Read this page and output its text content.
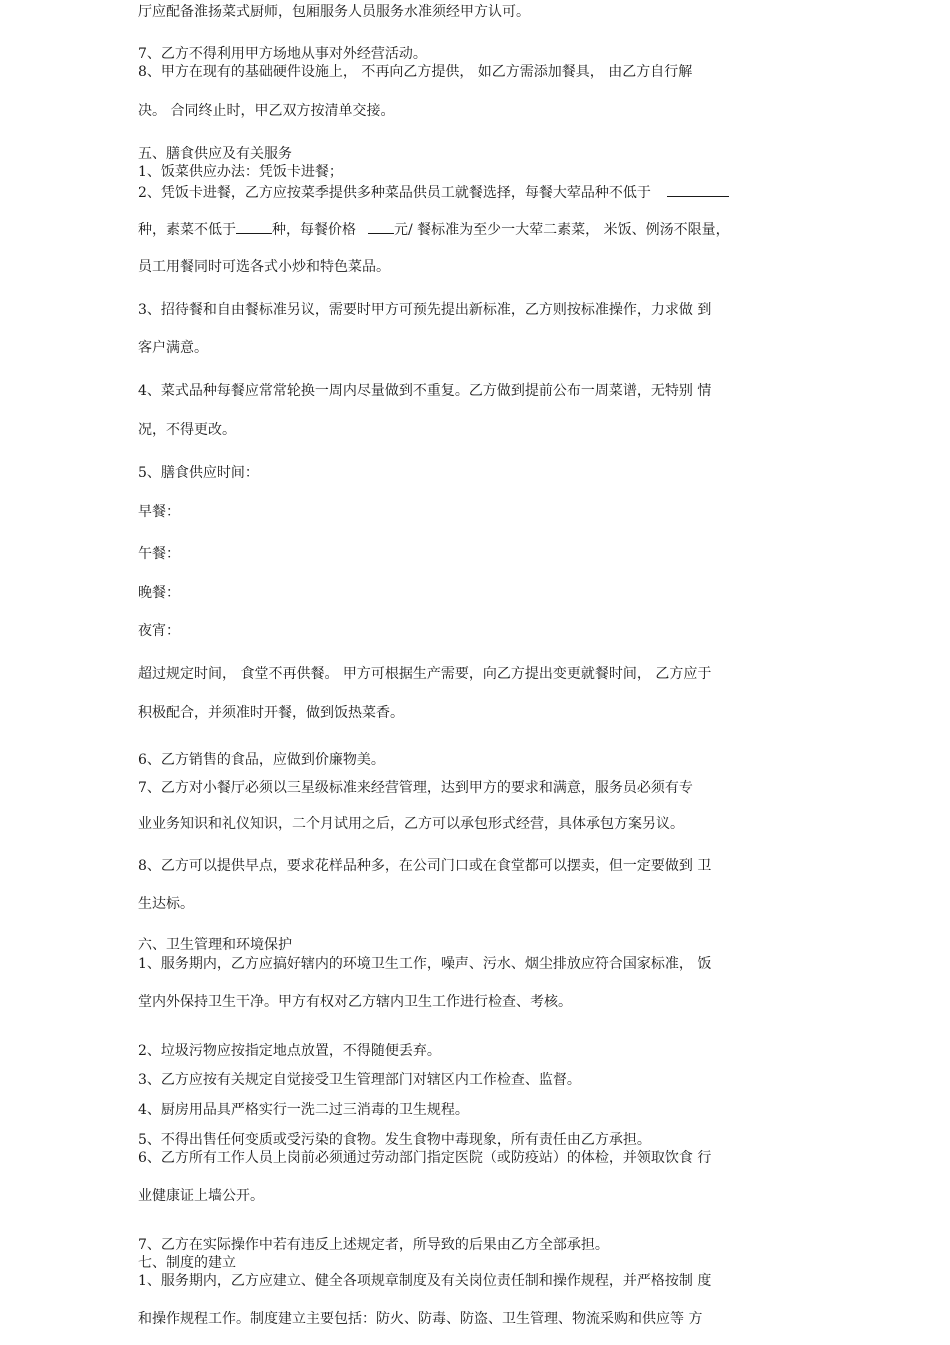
厅应配备淮扬菜式厨师，包厢服务人员服务水准须经甲方认可。
7、乙方不得利用甲方场地从事对外经营活动。
8、甲方在现有的基础硬件设施上， 不再向乙方提供， 如乙方需添加餐具， 由乙方自行解
决。 合同终止时，甲乙双方按清单交接。
五、膳食供应及有关服务
1、饭菜供应办法：凭饭卡进餐；
2、凭饭卡进餐，乙方应按菜季提供多种菜品供员工就餐选择，每餐大荤品种不低于
种，素菜不低于	种，每餐价格	元/ 餐标准为至少一大荤二素菜， 米饭、例汤不限量，
员工用餐同时可选各式小炒和特色菜品。
3、招待餐和自由餐标准另议，需要时甲方可预先提出新标准，乙方则按标准操作，力求做 到
客户满意。
4、菜式品种每餐应常常轮换一周内尽量做到不重复。乙方做到提前公布一周菜谱，无特别 情
况，不得更改。
5、膳食供应时间：
早餐：
午餐：
晚餐：
夜宵：
超过规定时间， 食堂不再供餐。 甲方可根据生产需要，向乙方提出变更就餐时间， 乙方应于
积极配合，并须准时开餐，做到饭热菜香。
6、乙方销售的食品，应做到价廉物美。
7、乙方对小餐厅必须以三星级标准来经营管理，达到甲方的要求和满意，服务员必须有专
业业务知识和礼仪知识，二个月试用之后，乙方可以承包形式经营，具体承包方案另议。
8、乙方可以提供早点，要求花样品种多，在公司门口或在食堂都可以摆卖，但一定要做到 卫
生达标。
六、卫生管理和环境保护
1、服务期内，乙方应搞好辖内的环境卫生工作，噪声、污水、烟尘排放应符合国家标准， 饭
堂内外保持卫生干净。甲方有权对乙方辖内卫生工作进行检查、考核。
2、垃圾污物应按指定地点放置，不得随便丢弃。
3、乙方应按有关规定自觉接受卫生管理部门对辖区内工作检查、监督。
4、厨房用品具严格实行一洗二过三消毒的卫生规程。
5、不得出售任何变质或受污染的食物。发生食物中毒现象，所有责任由乙方承担。
6、乙方所有工作人员上岗前必须通过劳动部门指定医院（或防疫站）的体检，并领取饮食 行
业健康证上墙公开。
7、乙方在实际操作中若有违反上述规定者，所导致的后果由乙方全部承担。
七、制度的建立
1、服务期内，乙方应建立、健全各项规章制度及有关岗位责任制和操作规程，并严格按制 度
和操作规程工作。制度建立主要包括：防火、防毒、防盗、卫生管理、物流采购和供应等 方
